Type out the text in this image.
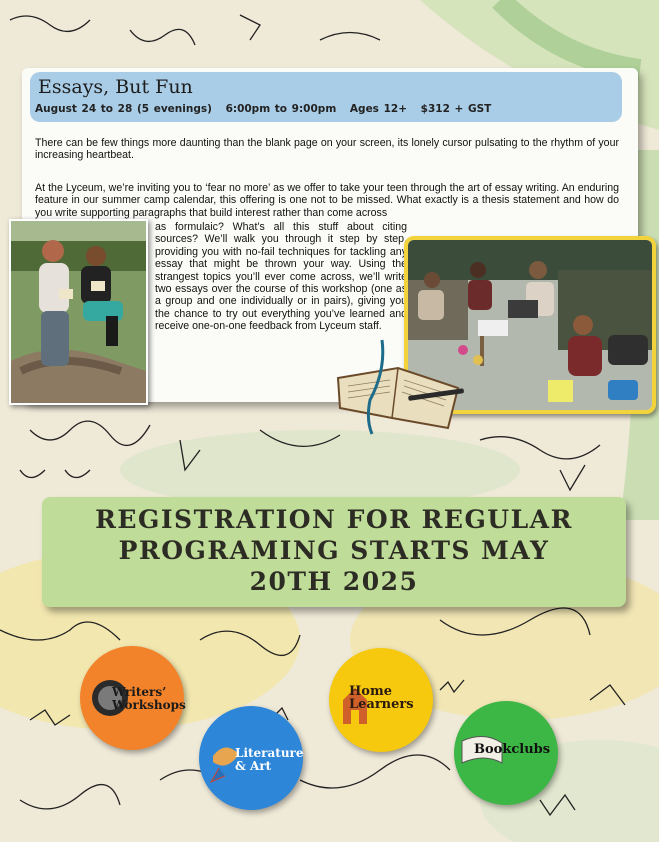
Essays, But Fun
August 24 to 28 (5 evenings) 6:00pm to 9:00pm Ages 12+ $312 + GST

There can be few things more daunting than the blank page on your screen, its lonely cursor pulsating to the rhythm of your increasing heartbeat.

At the Lyceum, we’re inviting you to ‘fear no more’ as we offer to take your teen through the art of essay writing. An enduring feature in our summer camp calendar, this offering is one not to be missed. What exactly is a thesis statement and how do you write supporting paragraphs that build interest rather than come across

as formulaic? What’s all this stuff about citing sources? We’ll walk you through it step by step, providing you with no-fail techniques for tackling any essay that might be thrown your way. Using the strangest topics you’ll ever come across, we’ll write two essays over the course of this workshop (one as a group and one individually or in pairs), giving you the chance to try out everything you’ve learned and receive one-on-one feedback from Lyceum staff.

REGISTRATION FOR REGULAR
PROGRAMING STARTS MAY
20TH 2025

Writers’
Workshops
Literature
& Art
Home
Learners
Bookclubs
